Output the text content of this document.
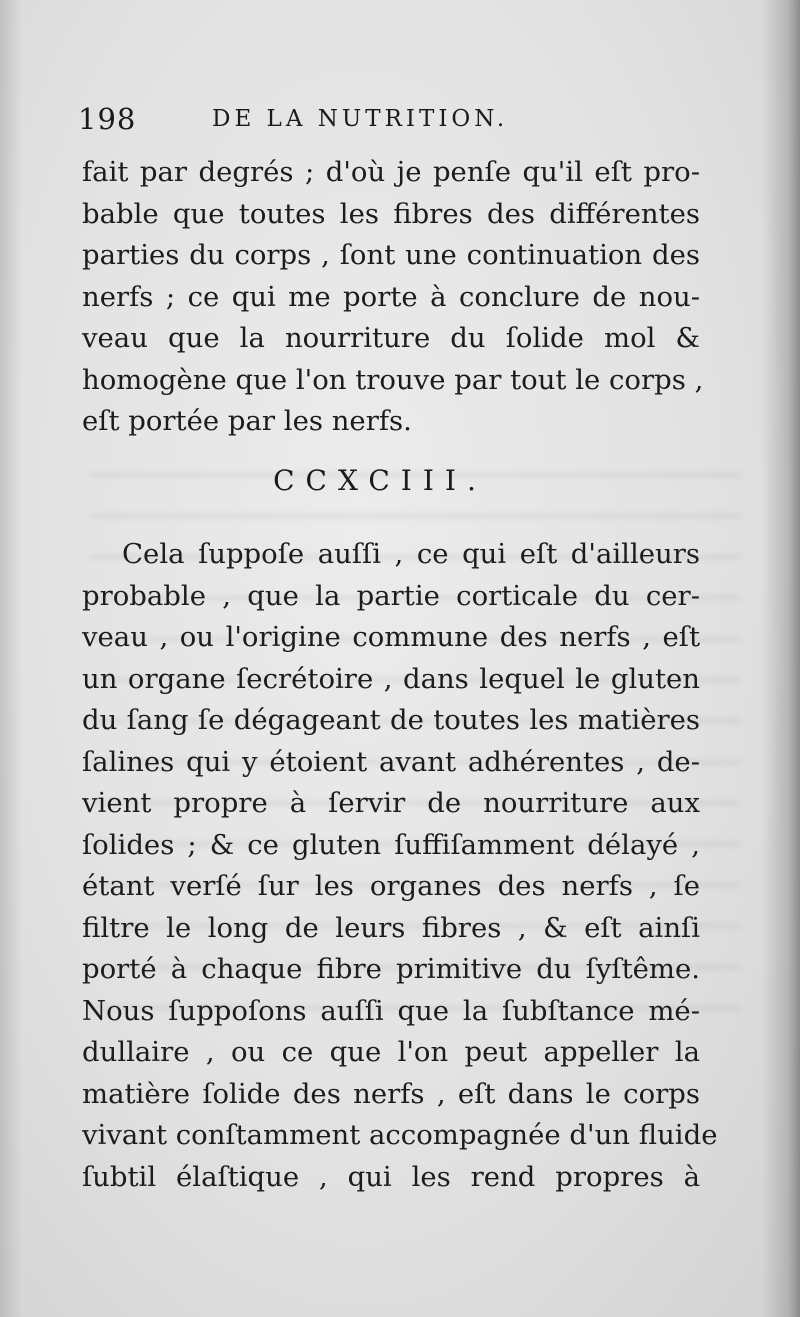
198	DE LA NUTRITION.
fait par degrés ; d'où je penſe qu'il eſt pro-
bable que toutes les fibres des différentes
parties du corps , ſont une continuation des
nerfs ; ce qui me porte à conclure de nou-
veau que la nourriture du ſolide mol &
homogène que l'on trouve par tout le corps ,
eſt portée par les nerfs.
CCXCIII.
Cela ſuppoſe auſſi , ce qui eſt d'ailleurs
probable , que la partie corticale du cer-
veau , ou l'origine commune des nerfs , eſt
un organe ſecrétoire , dans lequel le gluten
du ſang ſe dégageant de toutes les matières
ſalines qui y étoient avant adhérentes , de-
vient propre à ſervir de nourriture aux
ſolides ; & ce gluten ſuffiſamment délayé ,
étant verſé ſur les organes des nerfs , ſe
filtre le long de leurs fibres , & eſt ainſi
porté à chaque fibre primitive du ſyſtême.
Nous ſuppoſons auſſi que la ſubſtance mé-
dullaire , ou ce que l'on peut appeller la
matière ſolide des nerfs , eſt dans le corps
vivant conſtamment accompagnée d'un fluide
ſubtil élaſtique , qui les rend propres à
